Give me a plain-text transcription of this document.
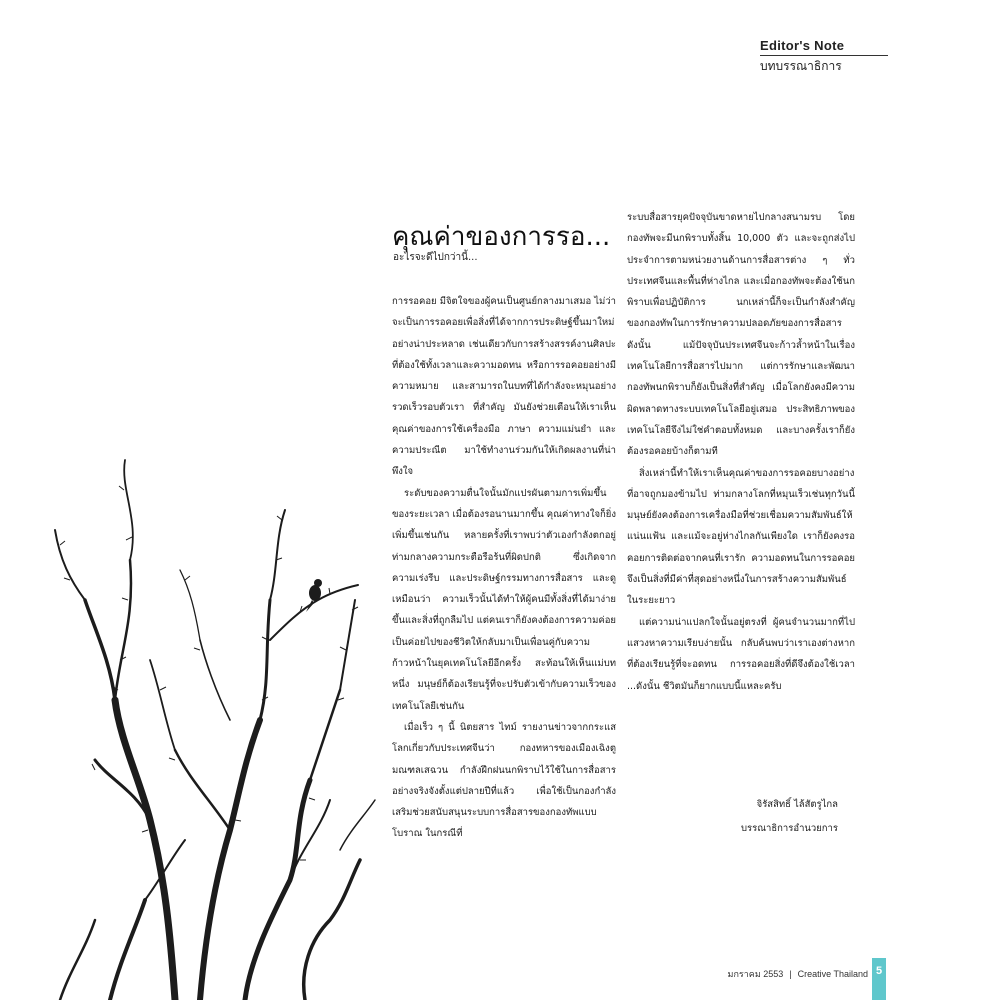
Editor's Note
บทบรรณาธิการ
คุณค่าของการรอ...
อะไรจะดีไปกว่านี้...

การรอคอย มีจิตใจของผู้คนเป็นศูนย์กลางมาเสมอ ไม่ว่าจะเป็นการรอคอยเพื่อสิ่งที่ได้จากการประดิษฐ์ขึ้นมาใหม่อย่างน่าประหลาด เช่นเดียวกับการสร้างสรรค์งานศิลปะที่ต้องใช้ทั้งเวลาและความอดทน หรือการรอคอยอย่างมีความหมาย และสามารถในบทที่ได้กำลังจะหมุนอย่างรวดเร็วรอบตัวเรา ที่สำคัญ มันยังช่วยเตือนให้เราเห็นคุณค่าของการใช้เครื่องมือ ภาษา ความแม่นยำ และความประณีต มาใช้ทำงานร่วมกันให้เกิดผลงานที่น่าพึงใจ

ระดับของความตื่นใจนั้นมักแปรผันตามการเพิ่มขึ้นของระยะเวลา เมื่อต้องรอนานมากขึ้น คุณค่าทางใจก็ยิ่งเพิ่มขึ้นเช่นกัน หลายครั้งที่เราพบว่าตัวเองกำลังตกอยู่ท่ามกลางความกระตือรือร้นที่ผิดปกติ ซึ่งเกิดจากความเร่งรีบ และประดิษฐ์กรรมทางการสื่อสาร และดูเหมือนว่า ความเร็วนั้นได้ทำให้ผู้คนมีทั้งสิ่งที่ได้มาง่ายขึ้นและสิ่งที่ถูกลืมไป แต่คนเราก็ยังคงต้องการความค่อยเป็นค่อยไปของชีวิตให้กลับมาเป็นเพื่อนคู่กับความก้าวหน้าในยุคเทคโนโลยีอีกครั้ง สะท้อนให้เห็นแม่บทหนึ่ง มนุษย์ก็ต้องเรียนรู้ที่จะปรับตัวเข้ากับความเร็วของเทคโนโลยีเช่นกัน

เมื่อเร็ว ๆ นี้ นิตยสาร ไทม์ รายงานข่าวจากกระแสโลกเกี่ยวกับประเทศจีนว่า กองทหารของเมืองเฉิงตู มณฑลเสฉวน กำลังฝึกฝนนกพิราบไว้ใช้ในการสื่อสารอย่างจริงจังตั้งแต่ปลายปีที่แล้ว เพื่อใช้เป็นกองกำลังเสริมช่วยสนับสนุนระบบการสื่อสารของกองทัพแบบโบราณ ในกรณีที่

ระบบสื่อสารยุคปัจจุบันขาดหายไปกลางสนามรบ โดยกองทัพจะมีนกพิราบทั้งสิ้น 10,000 ตัว และจะถูกส่งไปประจำการตามหน่วยงานด้านการสื่อสารต่าง ๆ ทั่วประเทศจีนและพื้นที่ห่างไกล และเมื่อกองทัพจะต้องใช้นกพิราบเพื่อปฏิบัติการ นกเหล่านี้ก็จะเป็นกำลังสำคัญของกองทัพในการรักษาความปลอดภัยของการสื่อสาร ดังนั้น แม้ปัจจุบันประเทศจีนจะก้าวล้ำหน้าในเรื่องเทคโนโลยีการสื่อสารไปมาก แต่การรักษาและพัฒนากองทัพนกพิราบก็ยังเป็นสิ่งที่สำคัญ เมื่อโลกยังคงมีความผิดพลาดทางระบบเทคโนโลยีอยู่เสมอ ประสิทธิภาพของเทคโนโลยีจึงไม่ใช่คำตอบทั้งหมด และบางครั้งเราก็ยังต้องรอคอยบ้างก็ตามที

สิ่งเหล่านี้ทำให้เราเห็นคุณค่าของการรอคอยบางอย่างที่อาจถูกมองข้ามไป ท่ามกลางโลกที่หมุนเร็วเช่นทุกวันนี้ มนุษย์ยังคงต้องการเครื่องมือที่ช่วยเชื่อมความสัมพันธ์ให้แน่นแฟ้น และแม้จะอยู่ห่างไกลกันเพียงใด เราก็ยังคงรอคอยการติดต่อจากคนที่เรารัก ความอดทนในการรอคอยจึงเป็นสิ่งที่มีค่าที่สุดอย่างหนึ่งในการสร้างความสัมพันธ์ในระยะยาว

แต่ความน่าแปลกใจนั้นอยู่ตรงที่ ผู้คนจำนวนมากที่ไปแสวงหาความเรียบง่ายนั้น กลับค้นพบว่าเราเองต่างหากที่ต้องเรียนรู้ที่จะอดทน การรอคอยสิ่งที่ดีจึงต้องใช้เวลา ...ดังนั้น ชีวิตมันก็ยากแบบนี้แหละครับ

จิรัสสิทธิ์ ไล้สัตรูไกล
บรรณาธิการอำนวยการ
มกราคม 2553 | Creative Thailand 5
